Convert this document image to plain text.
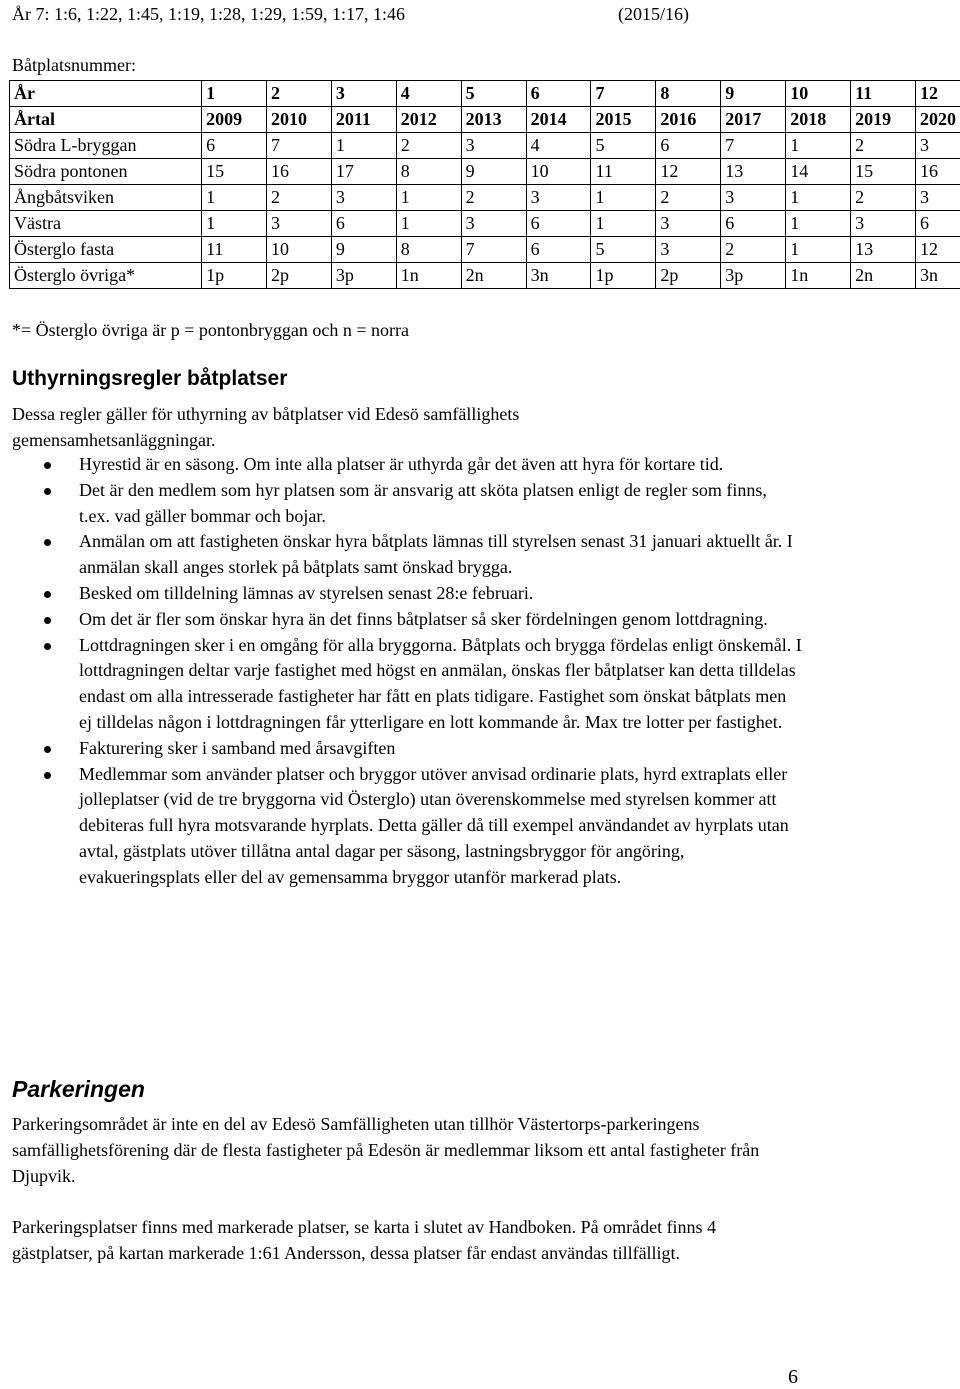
År 7: 1:6, 1:22, 1:45, 1:19, 1:28, 1:29, 1:59, 1:17, 1:46	(2015/16)
Båtplatsnummer:
År	1	2	3	4	5	6	7	8	9	10	11	12
Årtal	2009	2010	2011	2012	2013	2014	2015	2016	2017	2018	2019	2020
Södra L-bryggan	6	7	1	2	3	4	5	6	7	1	2	3
Södra pontonen	15	16	17	8	9	10	11	12	13	14	15	16
Ångbåtsviken	1	2	3	1	2	3	1	2	3	1	2	3
Västra	1	3	6	1	3	6	1	3	6	1	3	6
Österglo fasta	11	10	9	8	7	6	5	3	2	1	13	12
Österglo övriga*	1p	2p	3p	1n	2n	3n	1p	2p	3p	1n	2n	3n
*= Österglo övriga är p = pontonbryggan och n = norra
Uthyrningsregler båtplatser

Dessa regler gäller för uthyrning av båtplatser vid Edesö samfällighets gemensamhetsanläggningar.

Hyrestid är en säsong. Om inte alla platser är uthyrda går det även att hyra för kortare tid.
Det är den medlem som hyr platsen som är ansvarig att sköta platsen enligt de regler som finns, t.ex. vad gäller bommar och bojar.
Anmälan om att fastigheten önskar hyra båtplats lämnas till styrelsen senast 31 januari aktuellt år. I anmälan skall anges storlek på båtplats samt önskad brygga.
Besked om tilldelning lämnas av styrelsen senast 28:e februari.
Om det är fler som önskar hyra än det finns båtplatser så sker fördelningen genom lottdragning.
Lottdragningen sker i en omgång för alla bryggorna. Båtplats och brygga fördelas enligt önskemål. I lottdragningen deltar varje fastighet med högst en anmälan, önskas fler båtplatser kan detta tilldelas endast om alla intresserade fastigheter har fått en plats tidigare. Fastighet som önskat båtplats men ej tilldelas någon i lottdragningen får ytterligare en lott kommande år. Max tre lotter per fastighet.
Fakturering sker i samband med årsavgiften
Medlemmar som använder platser och bryggor utöver anvisad ordinarie plats, hyrd extraplats eller jolleplatser (vid de tre bryggorna vid Österglo) utan överenskommelse med styrelsen kommer att debiteras full hyra motsvarande hyrplats. Detta gäller då till exempel användandet av hyrplats utan avtal, gästplats utöver tillåtna antal dagar per säsong, lastningsbryggor för angöring, evakueringsplats eller del av gemensamma bryggor utanför markerad plats.
Parkeringen

Parkeringsområdet är inte en del av Edesö Samfälligheten utan tillhör Västertorps-parkeringens samfällighetsförening där de flesta fastigheter på Edesön är medlemmar liksom ett antal fastigheter från Djupvik.

Parkeringsplatser finns med markerade platser, se karta i slutet av Handboken. På området finns 4 gästplatser, på kartan markerade 1:61 Andersson, dessa platser får endast användas tillfälligt.

6
